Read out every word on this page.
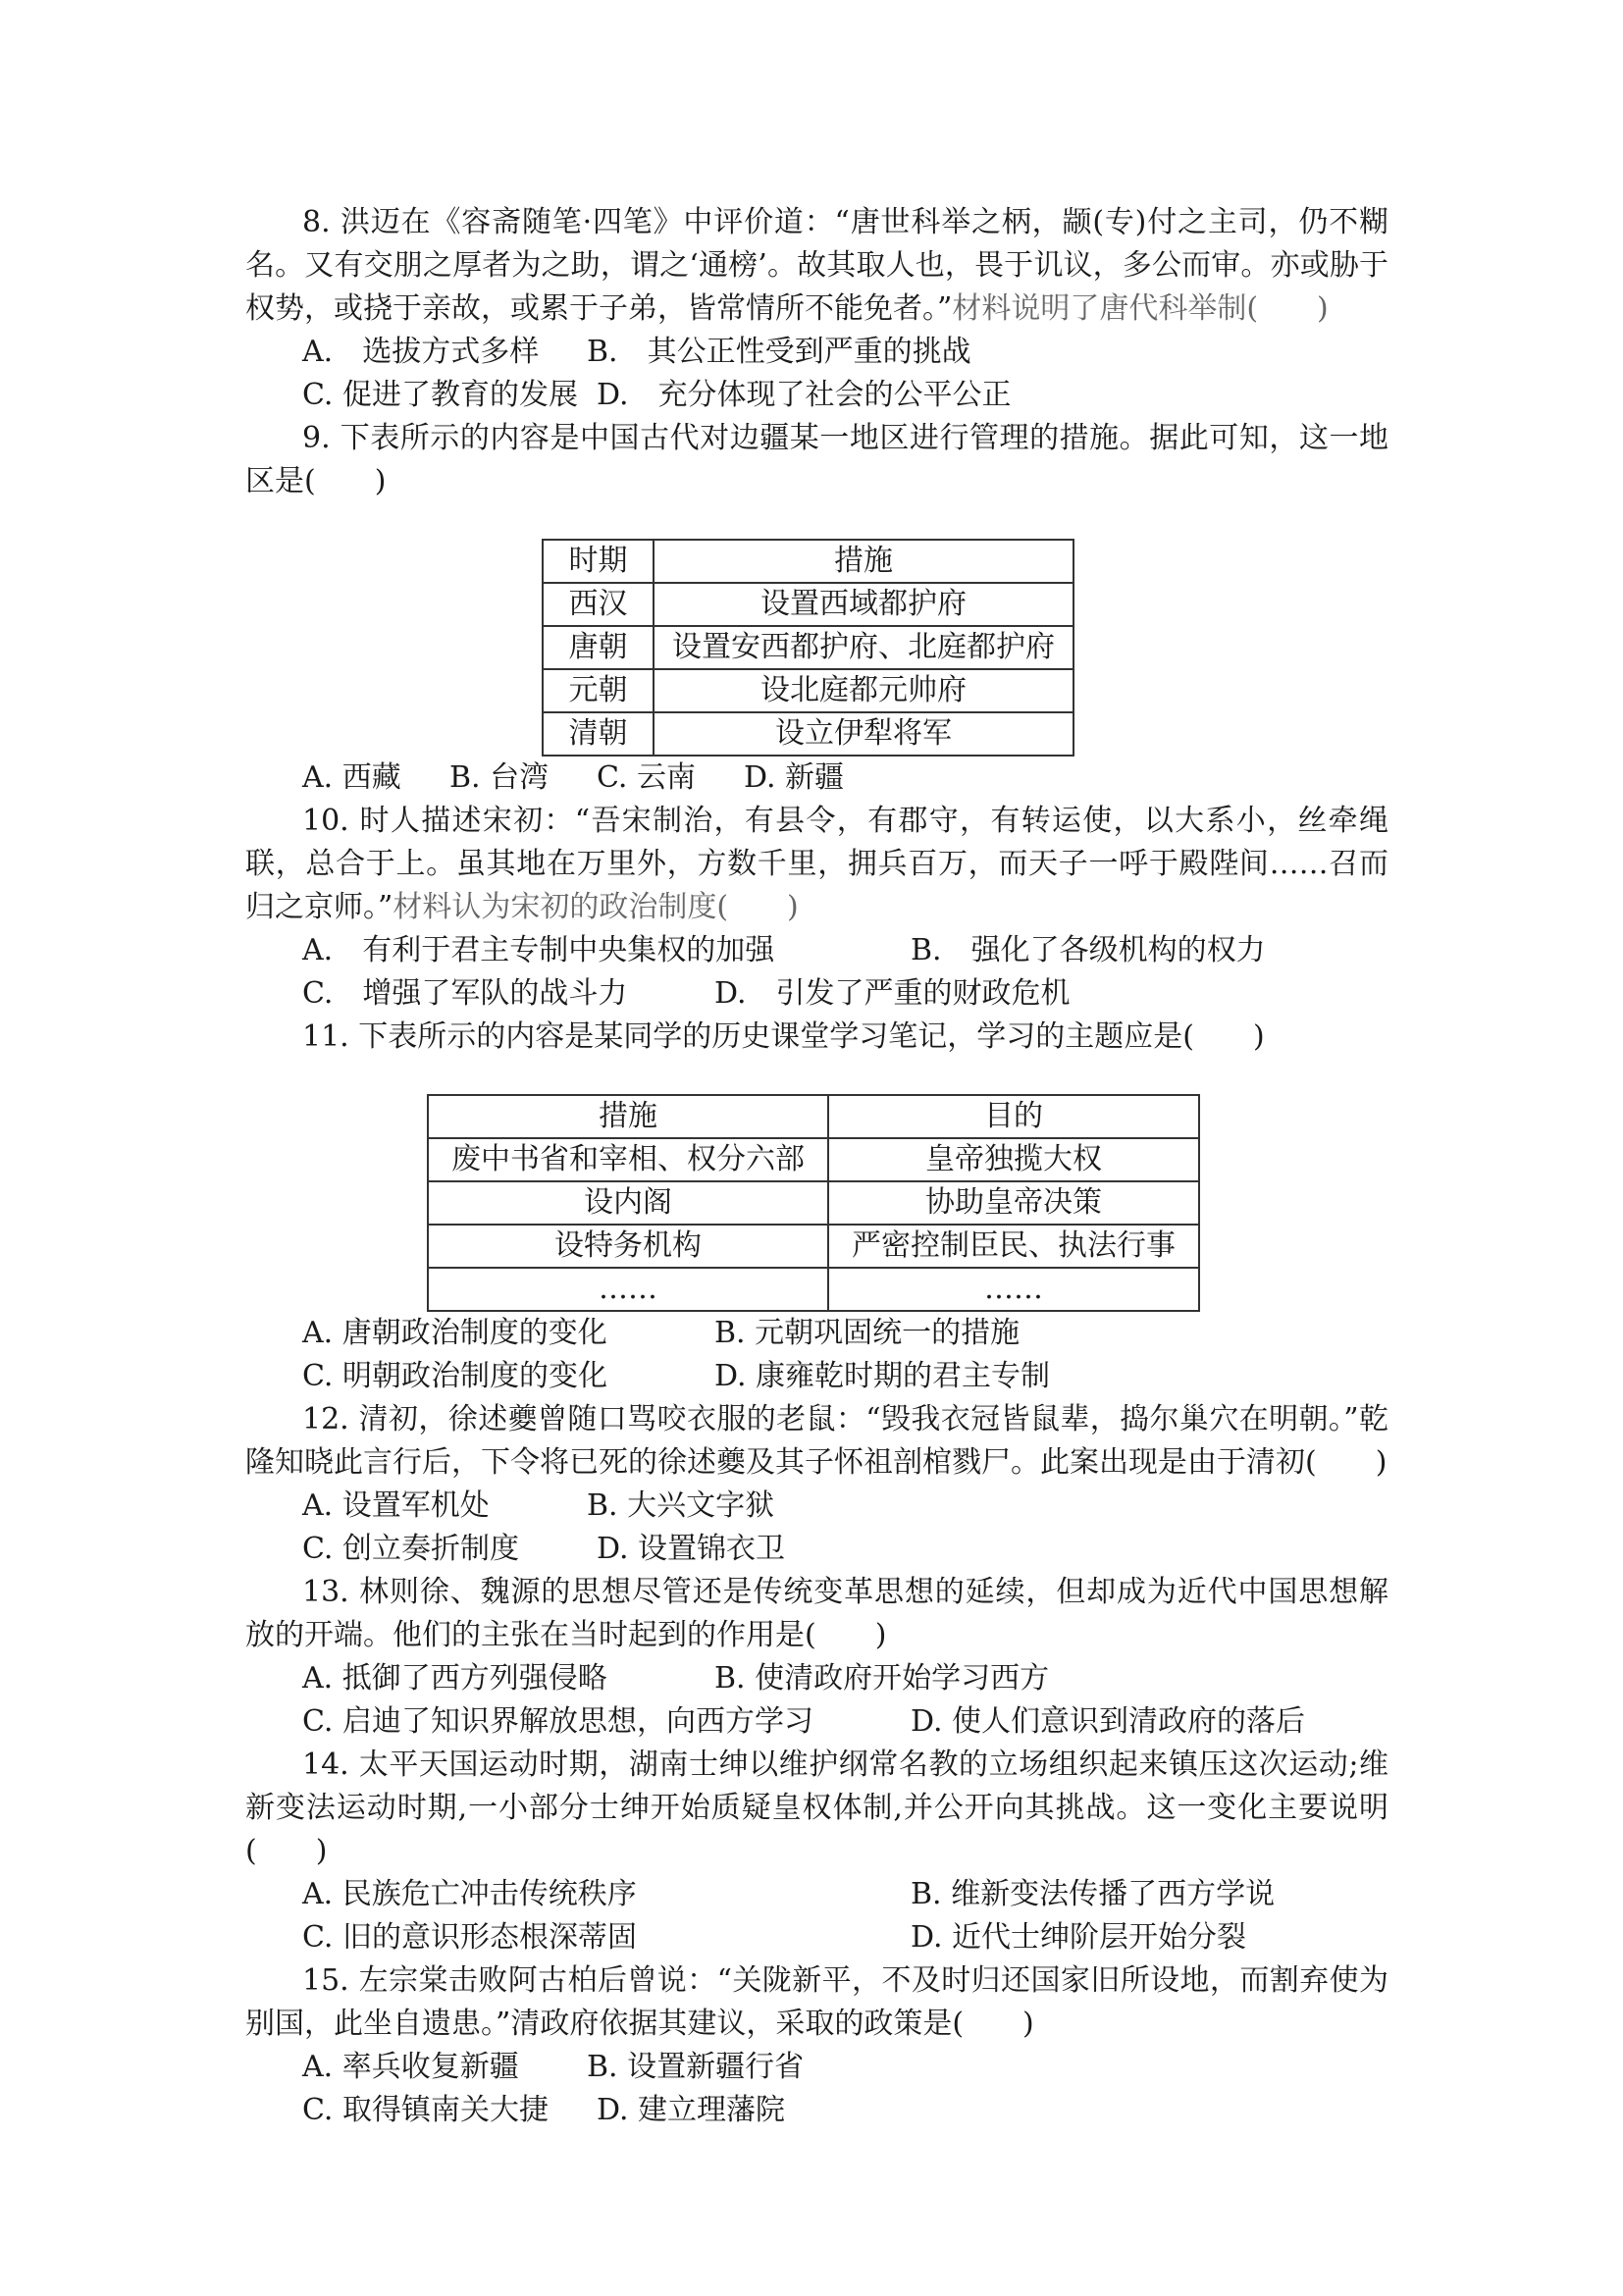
8. 洪迈在《容斋随笔·四笔》中评价道：“唐世科举之柄，颛(专)付之主司，仍不糊名。又有交朋之厚者为之助，谓之‘通榜’。故其取人也，畏于讥议，多公而审。亦或胁于权势，或挠于亲故，或累于子弟，皆常情所不能免者。”材料说明了唐代科举制(　　)

A.　选拔方式多样 B.　其公正性受到严重的挑战
C. 促进了教育的发展 D.　充分体现了社会的公平公正

9. 下表所示的内容是中国古代对边疆某一地区进行管理的措施。据此可知，这一地区是(　　)

时期	措施
西汉	设置西域都护府
唐朝	设置安西都护府、北庭都护府
元朝	设北庭都元帅府
清朝	设立伊犁将军
A. 西藏 B. 台湾 C. 云南 D. 新疆

10. 时人描述宋初：“吾宋制治，有县令，有郡守，有转运使，以大系小，丝牵绳联，总合于上。虽其地在万里外，方数千里，拥兵百万，而天子一呼于殿陛间……召而归之京师。”材料认为宋初的政治制度(　　)

A.　有利于君主专制中央集权的加强	B.　强化了各级机构的权力
C.　增强了军队的战斗力	D.　引发了严重的财政危机

11. 下表所示的内容是某同学的历史课堂学习笔记，学习的主题应是(　　)

措施	目的
废中书省和宰相、权分六部	皇帝独揽大权
设内阁	协助皇帝决策
设特务机构	严密控制臣民、执法行事
……	……
A. 唐朝政治制度的变化	B. 元朝巩固统一的措施
C. 明朝政治制度的变化	D. 康雍乾时期的君主专制

12. 清初，徐述夔曾随口骂咬衣服的老鼠：“毁我衣冠皆鼠辈，捣尔巢穴在明朝。”乾隆知晓此言行后，下令将已死的徐述夔及其子怀祖剖棺戮尸。此案出现是由于清初(　　)

A. 设置军机处	B. 大兴文字狱
C. 创立奏折制度	D. 设置锦衣卫

13. 林则徐、魏源的思想尽管还是传统变革思想的延续，但却成为近代中国思想解放的开端。他们的主张在当时起到的作用是(　　)

A. 抵御了西方列强侵略	B. 使清政府开始学习西方
C. 启迪了知识界解放思想，向西方学习	D. 使人们意识到清政府的落后

14. 太平天国运动时期，湖南士绅以维护纲常名教的立场组织起来镇压这次运动;维新变法运动时期,一小部分士绅开始质疑皇权体制,并公开向其挑战。这一变化主要说明(　　)

A. 民族危亡冲击传统秩序	B. 维新变法传播了西方学说
C. 旧的意识形态根深蒂固	D. 近代士绅阶层开始分裂

15. 左宗棠击败阿古柏后曾说：“关陇新平，不及时归还国家旧所设地，而割弃使为别国，此坐自遗患。”清政府依据其建议，采取的政策是(　　)

A. 率兵收复新疆 B. 设置新疆行省
C. 取得镇南关大捷 D. 建立理藩院
